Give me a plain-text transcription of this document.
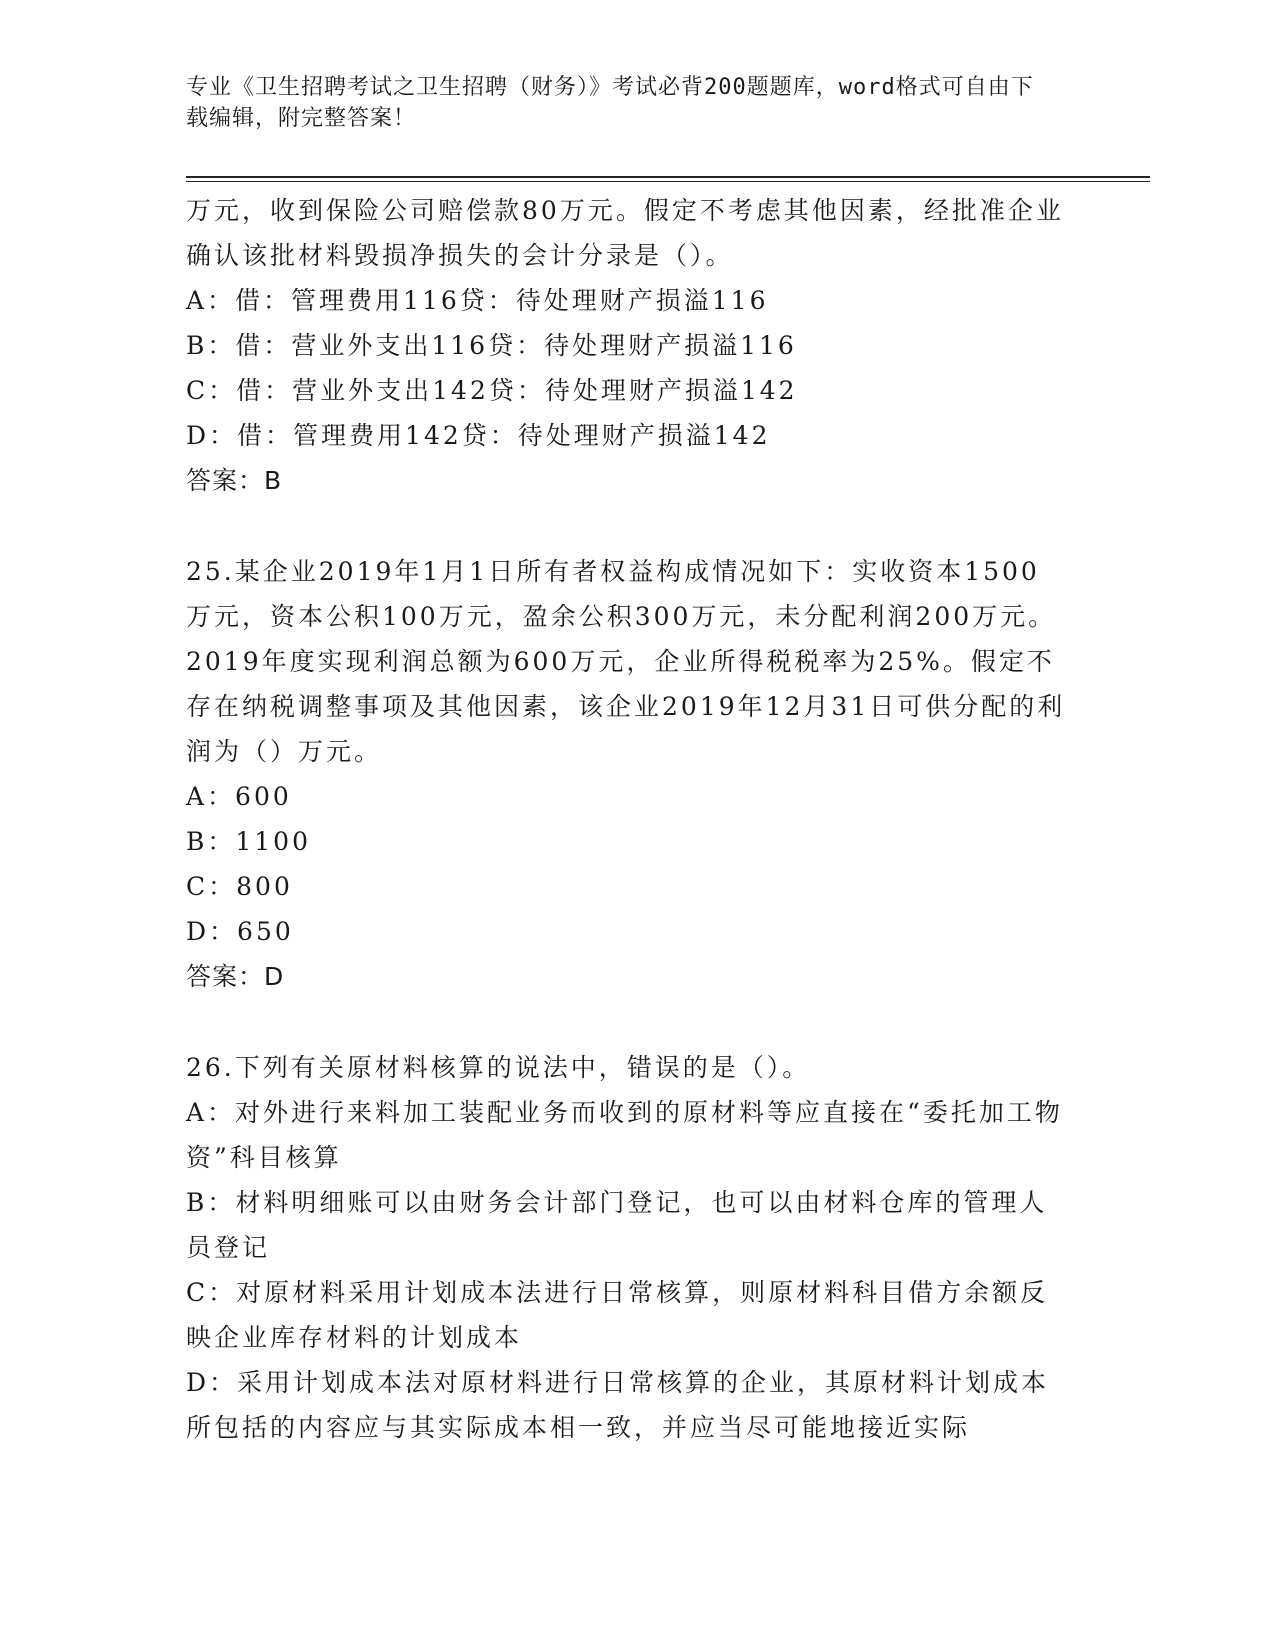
专业《卫生招聘考试之卫生招聘（财务）》考试必背200题题库，word格式可自由下载编辑，附完整答案！

万元，收到保险公司赔偿款80万元。假定不考虑其他因素，经批准企业确认该批材料毁损净损失的会计分录是（）。

A：借：管理费用116贷：待处理财产损溢116

B：借：营业外支出116贷：待处理财产损溢116

C：借：营业外支出142贷：待处理财产损溢142

D：借：管理费用142贷：待处理财产损溢142

答案：B

25.某企业2019年1月1日所有者权益构成情况如下：实收资本1500万元，资本公积100万元，盈余公积300万元，未分配利润200万元。2019年度实现利润总额为600万元，企业所得税税率为25%。假定不存在纳税调整事项及其他因素，该企业2019年12月31日可供分配的利润为（）万元。

A：600

B：1100

C：800

D：650

答案：D

26.下列有关原材料核算的说法中，错误的是（）。

A：对外进行来料加工装配业务而收到的原材料等应直接在“委托加工物资”科目核算

B：材料明细账可以由财务会计部门登记，也可以由材料仓库的管理人员登记

C：对原材料采用计划成本法进行日常核算，则原材料科目借方余额反映企业库存材料的计划成本

D：采用计划成本法对原材料进行日常核算的企业，其原材料计划成本所包括的内容应与其实际成本相一致，并应当尽可能地接近实际
